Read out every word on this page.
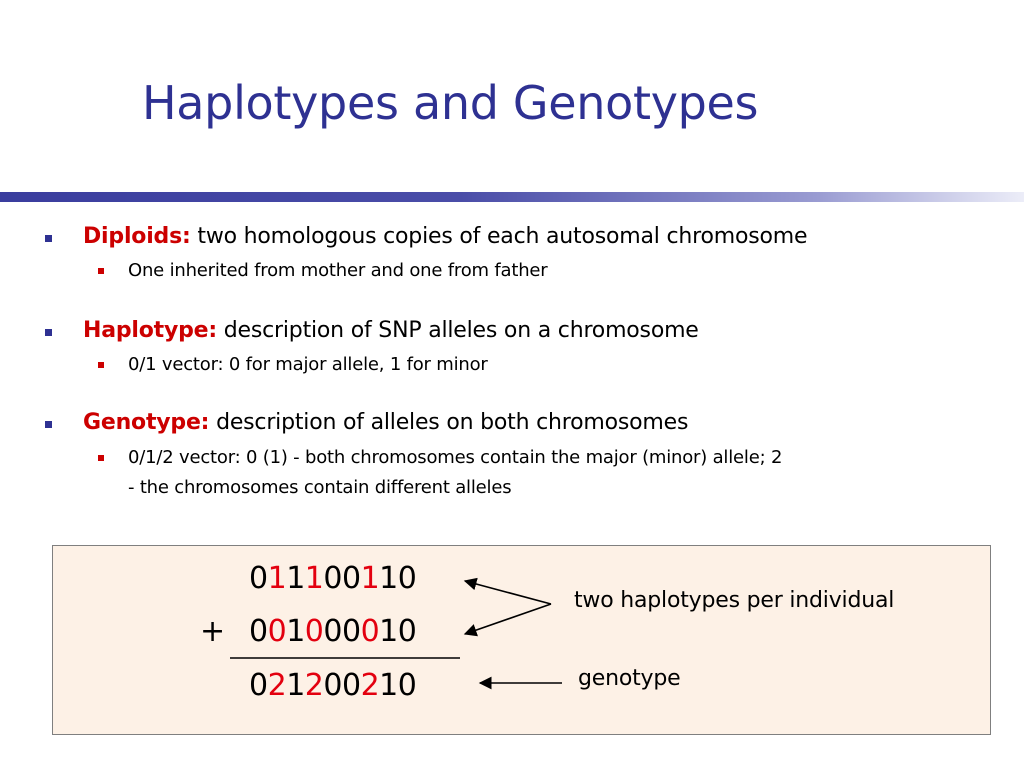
Haplotypes and Genotypes
Diploids: two homologous copies of each autosomal chromosome
One inherited from mother and one from father
Haplotype: description of SNP alleles on a chromosome
0/1 vector: 0 for major allele, 1 for minor
Genotype: description of alleles on both chromosomes
0/1/2 vector: 0 (1) - both chromosomes contain the major (minor) allele; 2
- the chromosomes contain different alleles
011100110
+ 001000010
021200210
two haplotypes per individual
genotype
